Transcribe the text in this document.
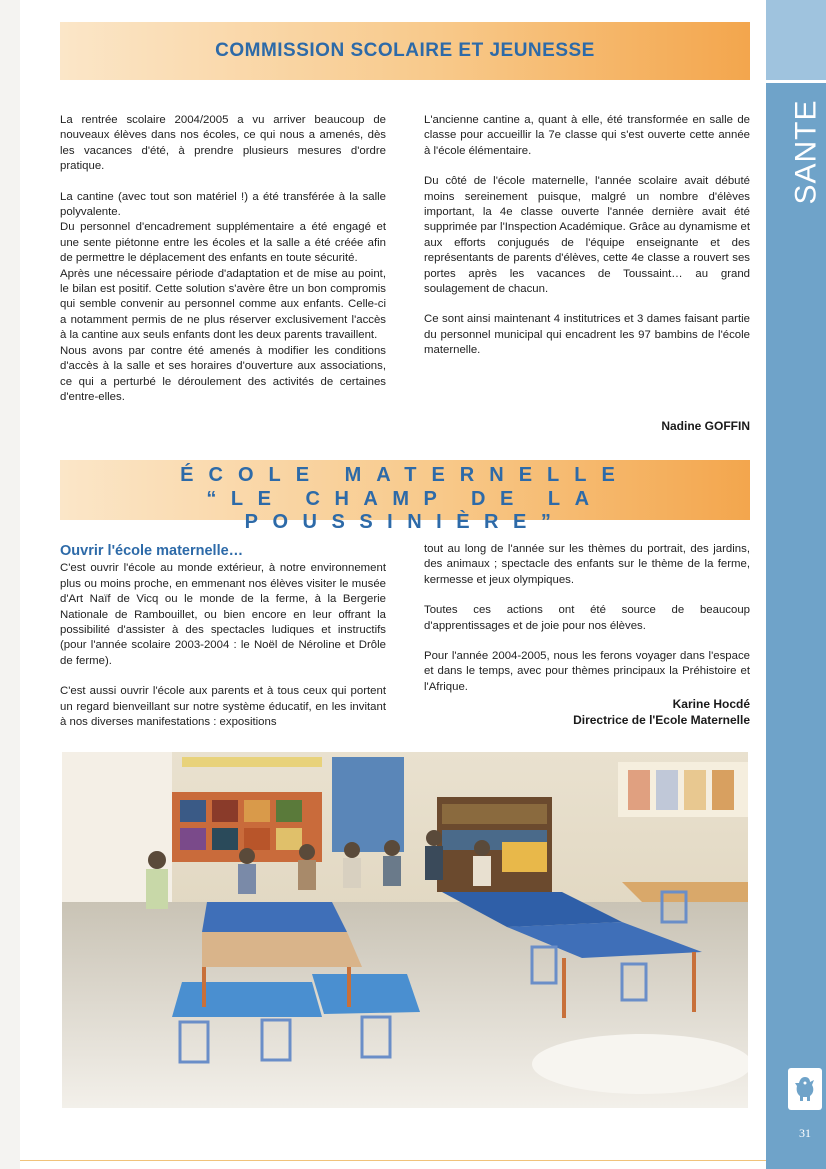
SANTE
31
COMMISSION SCOLAIRE ET JEUNESSE

La rentrée scolaire 2004/2005 a vu arriver beaucoup de nouveaux élèves dans nos écoles, ce qui nous a amenés, dès les vacances d'été, à prendre plusieurs mesures d'ordre pratique.

La cantine (avec tout son matériel !) a été transférée à la salle polyvalente.

Du personnel d'encadrement supplémentaire a été engagé et une sente piétonne entre les écoles et la salle a été créée afin de permettre le déplacement des enfants en toute sécurité.

Après une nécessaire période d'adaptation et de mise au point, le bilan est positif. Cette solution s'avère être un bon compromis qui semble convenir au personnel comme aux enfants. Celle-ci a notamment permis de ne plus réserver exclusivement l'accès à la cantine aux seuls enfants dont les deux parents travaillent.

Nous avons par contre été amenés à modifier les conditions d'accès à la salle et ses horaires d'ouverture aux associations, ce qui a perturbé le déroulement des activités de certaines d'entre-elles.

L'ancienne cantine a, quant à elle, été transformée en salle de classe pour accueillir la 7e classe qui s'est ouverte cette année à l'école élémentaire.

Du côté de l'école maternelle, l'année scolaire avait débuté moins sereinement puisque, malgré un nombre d'élèves important, la 4e classe ouverte l'année dernière avait été supprimée par l'Inspection Académique. Grâce au dynamisme et aux efforts conjugués de l'équipe enseignante et des représentants de parents d'élèves, cette 4e classe a rouvert ses portes après les vacances de Toussaint… au grand soulagement de chacun.

Ce sont ainsi maintenant 4 institutrices et 3 dames faisant partie du personnel municipal qui encadrent les 97 bambins de l'école maternelle.

Nadine GOFFIN
ÉCOLE MATERNELLE
“LE CHAMP DE LA POUSSINIÈRE”
Ouvrir l'école maternelle…

C'est ouvrir l'école au monde extérieur, à notre environnement plus ou moins proche, en emmenant nos élèves visiter le musée d'Art Naïf de Vicq ou le monde de la ferme, à la Bergerie Nationale de Rambouillet, ou bien encore en leur offrant la possibilité d'assister à des spectacles ludiques et instructifs (pour l'année scolaire 2003-2004 : le Noël de Néroline et Drôle de ferme).

C'est aussi ouvrir l'école aux parents et à tous ceux qui portent un regard bienveillant sur notre système éducatif, en les invitant à nos diverses manifestations : expositions

tout au long de l'année sur les thèmes du portrait, des jardins, des animaux ; spectacle des enfants sur le thème de la ferme, kermesse et jeux olympiques.

Toutes ces actions ont été source de beaucoup d'apprentissages et de joie pour nos élèves.

Pour l'année 2004-2005, nous les ferons voyager dans l'espace et dans le temps, avec pour thèmes principaux la Préhistoire et l'Afrique.

Karine Hocdé
Directrice de l'Ecole Maternelle
